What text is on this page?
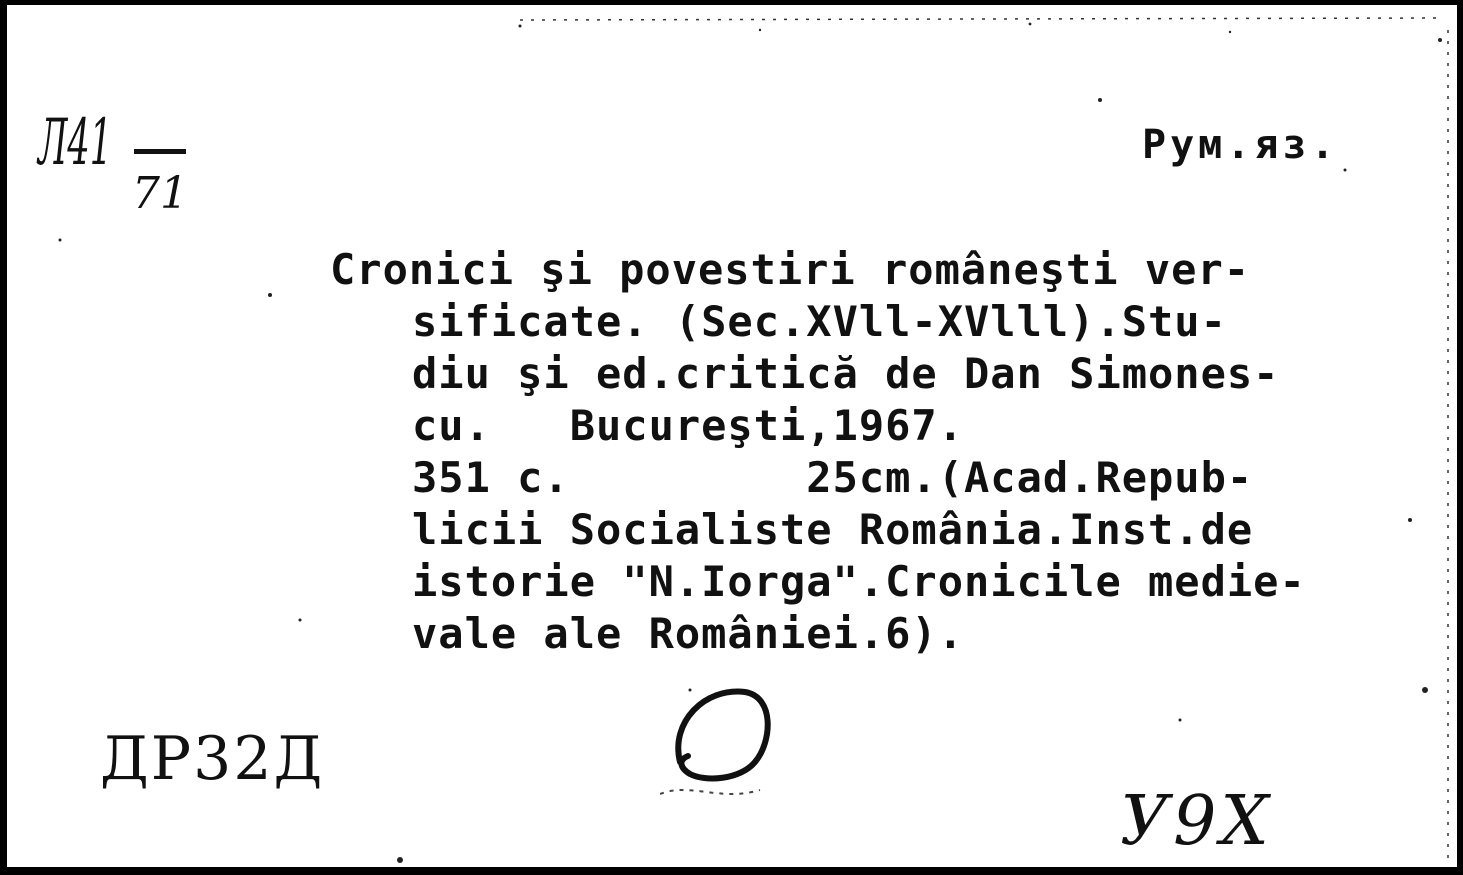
Рум.яз.
Л41
71
Cronici şi povestiri româneşti ver-
sificate. (Sec.XVll-XVlll).Stu-
diu şi ed.critică de Dan Simones-
cu.   Bucureşti,1967.
351 c.         25cm.(Acad.Repub-
licii Socialiste România.Inst.de
istorie "N.Iorga".Cronicile medie-
vale ale României.6).
ДР32Д
У9Х
